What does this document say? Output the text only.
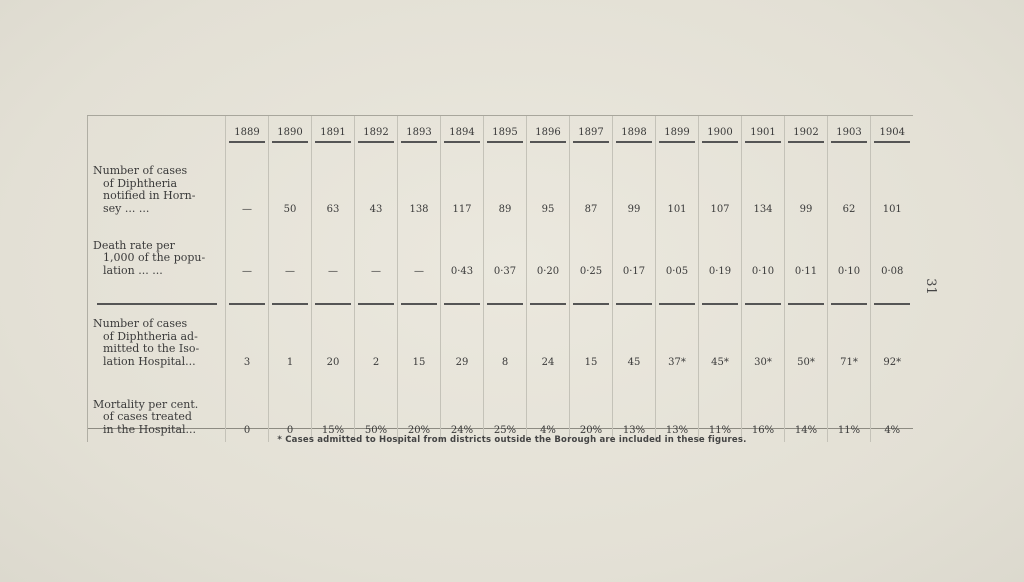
	1889	1890	1891	1892	1893	1894	1895	1896	1897	1898	1899	1900	1901	1902	1903	1904

Number of cases
of Diphtheria
notified in Horn-
sey ... ...	—	50	63	43	138	117	89	95	87	99	101	107	134	99	62	101

Death rate per
1,000 of the popu-
lation ... ...	—	—	—	—	—	0·43	0·37	0·20	0·25	0·17	0·05	0·19	0·10	0·11	0·10	0·08

Number of cases
of Diphtheria ad-
mitted to the Iso-
lation Hospital...	3	1	20	2	15	29	8	24	15	45	37*	45*	30*	50*	71*	92*

Mortality per cent.
of cases treated
in the Hospital...	0	0	15%	50%	20%	24%	25%	4%	20%	13%	13%	11%	16%	14%	11%	4%
* Cases admitted to Hospital from districts outside the Borough are included in these figures.
31
